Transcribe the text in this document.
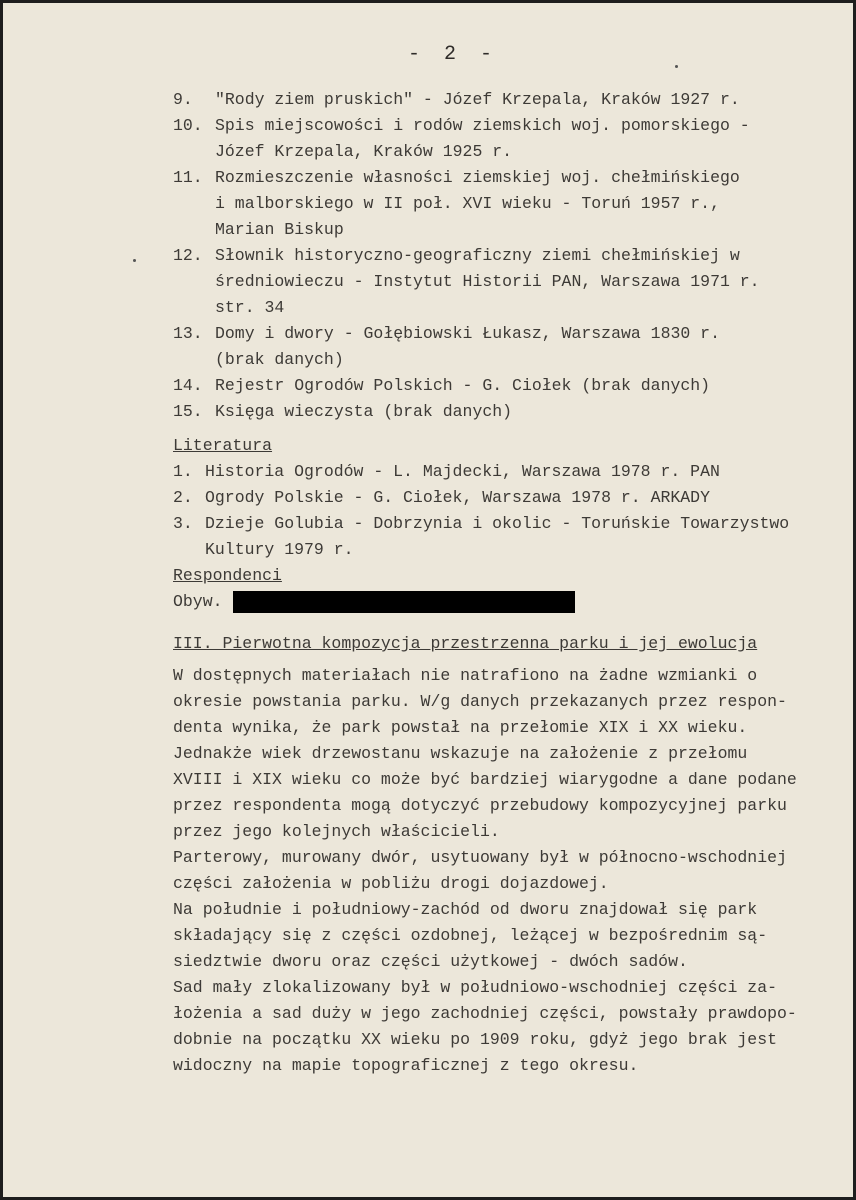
- 2 -
9. "Rody ziem pruskich" - Józef Krzepala, Kraków 1927 r.
10. Spis miejscowości i rodów ziemskich woj. pomorskiego -
Józef Krzepala, Kraków 1925 r.
11. Rozmieszczenie własności ziemskiej woj. chełmińskiego
i malborskiego w II poł. XVI wieku - Toruń 1957 r.,
Marian Biskup
12. Słownik historyczno-geograficzny ziemi chełmińskiej w
średniowieczu - Instytut Historii PAN, Warszawa 1971 r.
str. 34
13. Domy i dwory - Gołębiowski Łukasz, Warszawa 1830 r.
(brak danych)
14. Rejestr Ogrodów Polskich - G. Ciołek (brak danych)
15. Księga wieczysta (brak danych)
Literatura
1. Historia Ogrodów - L. Majdecki, Warszawa 1978 r. PAN
2. Ogrody Polskie - G. Ciołek, Warszawa 1978 r. ARKADY
3. Dzieje Golubia - Dobrzynia i okolic - Toruńskie Towarzystwo
Kultury 1979 r.
Respondenci
Obyw.
III. Pierwotna kompozycja przestrzenna parku i jej ewolucja
W dostępnych materiałach nie natrafiono na żadne wzmianki o
okresie powstania parku. W/g danych przekazanych przez respon-
denta wynika, że park powstał na przełomie XIX i XX wieku.
Jednakże wiek drzewostanu wskazuje na założenie z przełomu
XVIII i XIX wieku co może być bardziej wiarygodne a dane podane
przez respondenta mogą dotyczyć przebudowy kompozycyjnej parku
przez jego kolejnych właścicieli.
Parterowy, murowany dwór, usytuowany był w północno-wschodniej
części założenia w pobliżu drogi dojazdowej.
Na południe i południowy-zachód od dworu znajdował się park
składający się z części ozdobnej, leżącej w bezpośrednim są-
siedztwie dworu oraz części użytkowej - dwóch sadów.
Sad mały zlokalizowany był w południowo-wschodniej części za-
łożenia a sad duży w jego zachodniej części, powstały prawdopo-
dobnie na początku XX wieku po 1909 roku, gdyż jego brak jest
widoczny na mapie topograficznej z tego okresu.
